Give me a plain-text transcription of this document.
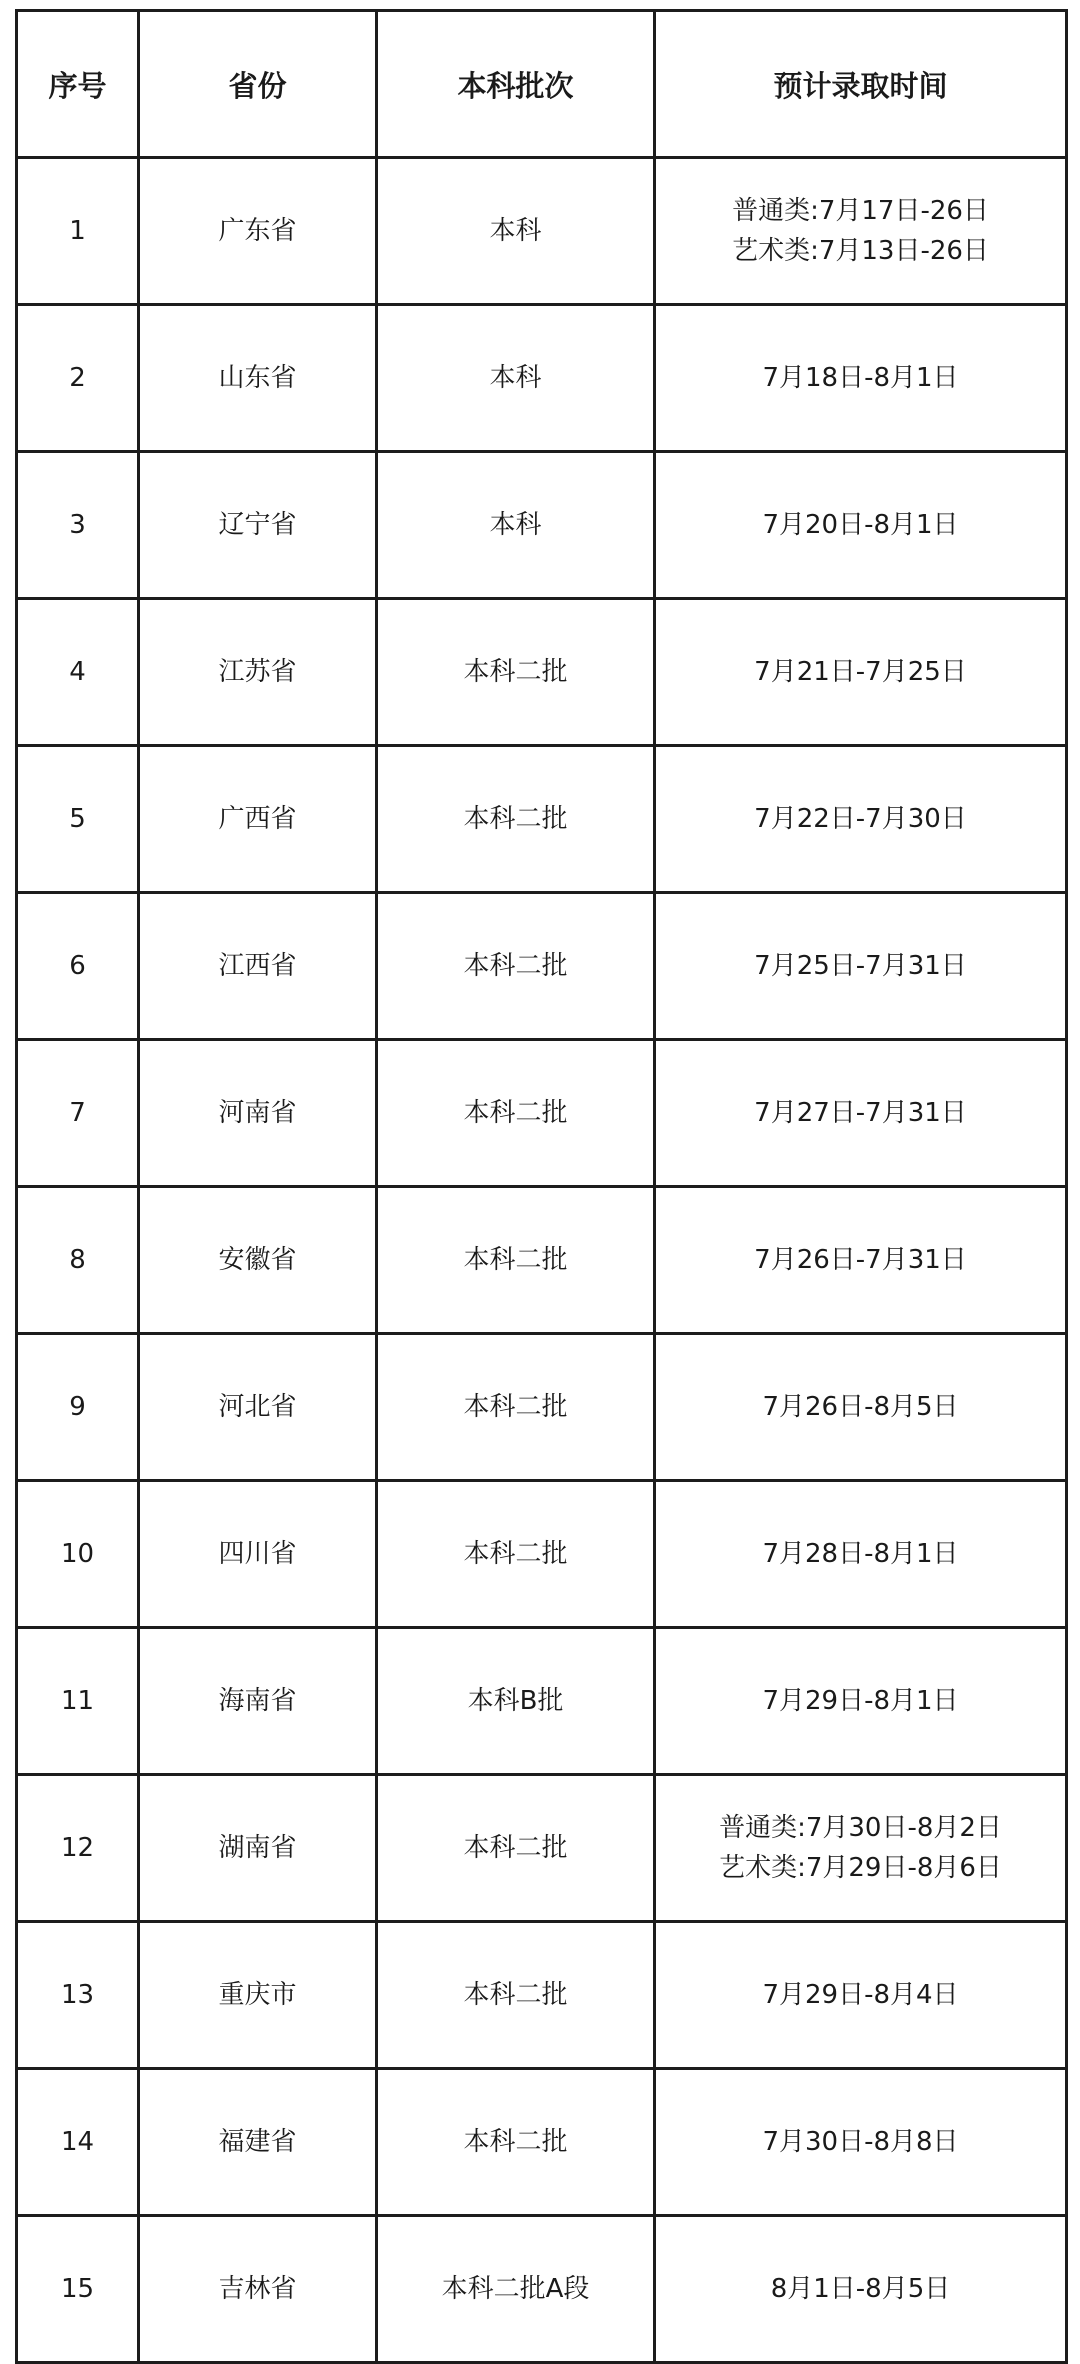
序号	省份	本科批次	预计录取时间
1	广东省	本科	普通类:7月17日-26日
艺术类:7月13日-26日

2	山东省	本科	7月18日-8月1日

3	辽宁省	本科	7月20日-8月1日

4	江苏省	本科二批	7月21日-7月25日

5	广西省	本科二批	7月22日-7月30日

6	江西省	本科二批	7月25日-7月31日

7	河南省	本科二批	7月27日-7月31日

8	安徽省	本科二批	7月26日-7月31日

9	河北省	本科二批	7月26日-8月5日

10	四川省	本科二批	7月28日-8月1日

11	海南省	本科B批	7月29日-8月1日

12	湖南省	本科二批	普通类:7月30日-8月2日
艺术类:7月29日-8月6日

13	重庆市	本科二批	7月29日-8月4日

14	福建省	本科二批	7月30日-8月8日

15	吉林省	本科二批A段	8月1日-8月5日
